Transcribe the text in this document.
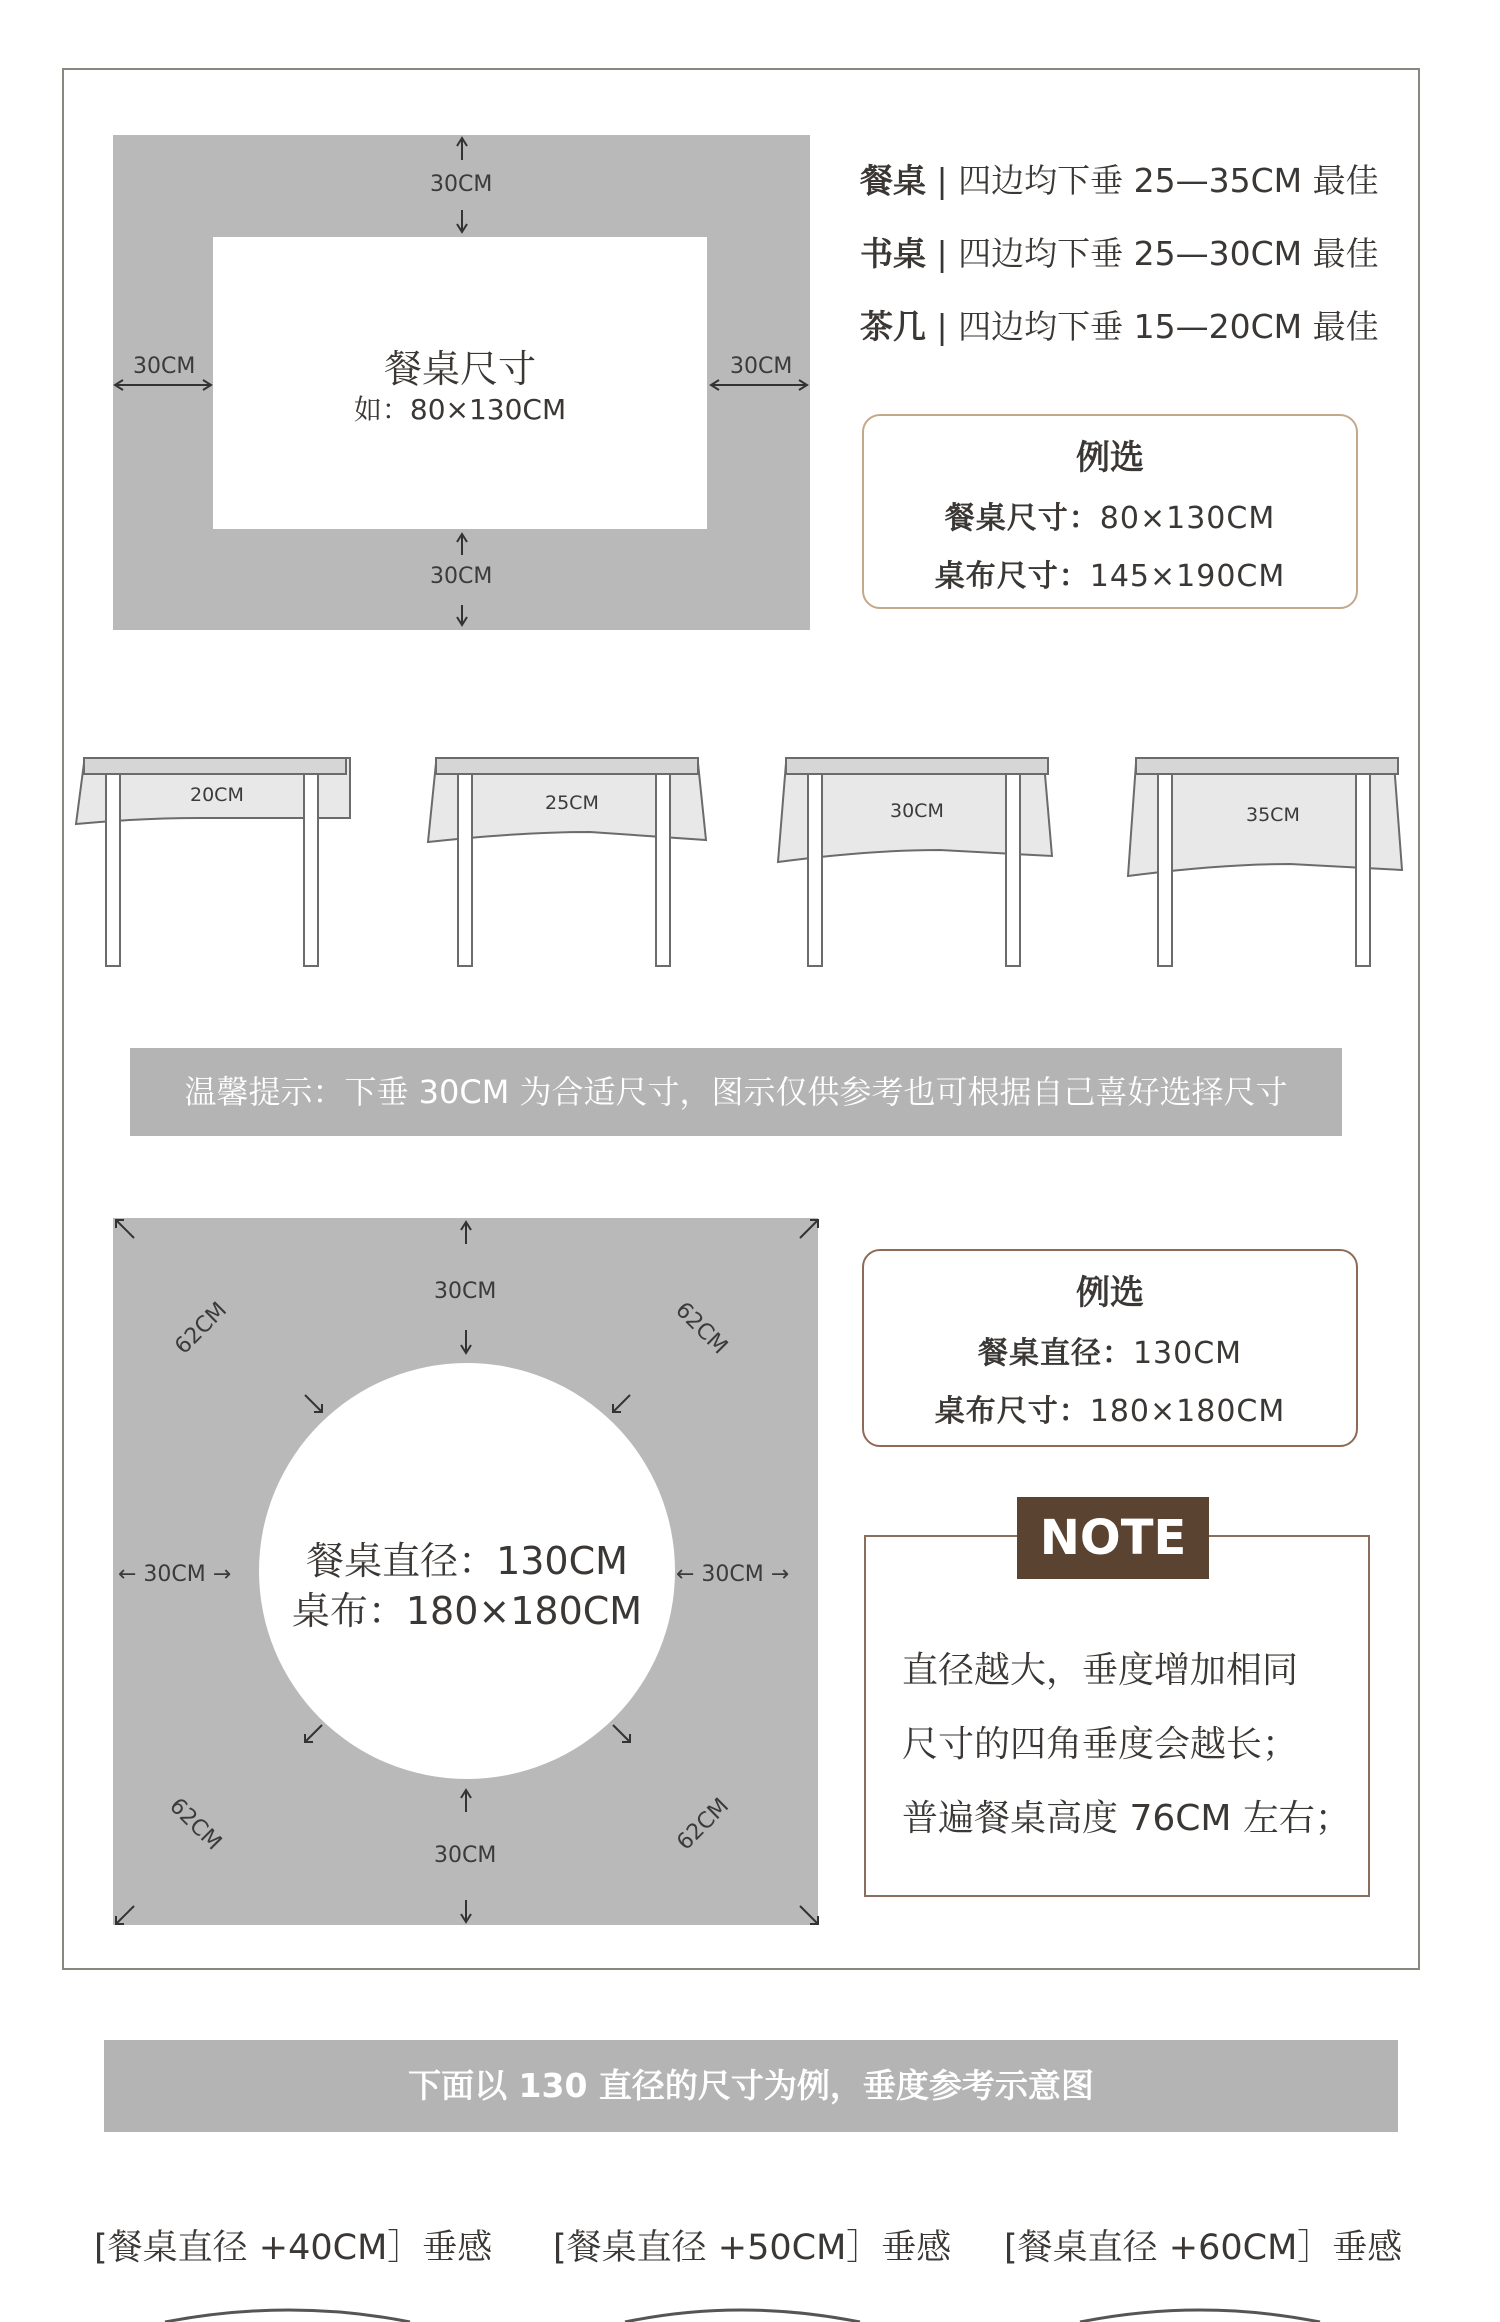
30CM
30CM
30CM	30CM
餐桌尺寸
如：80×130CM
餐桌 | 四边均下垂 25—35CM 最佳
书桌 | 四边均下垂 25—30CM 最佳
茶几 | 四边均下垂 15—20CM 最佳
例选
餐桌尺寸：80×130CM
桌布尺寸：145×190CM
20CM	25CM	30CM	35CM
温馨提示：下垂 30CM 为合适尺寸，图示仅供参考也可根据自己喜好选择尺寸
30CM
30CM
← 30CM →	← 30CM →
62CM	62CM
62CM	62CM
餐桌直径：130CM
桌布：180×180CM
例选
餐桌直径：130CM
桌布尺寸：180×180CM
NOTE
直径越大，垂度增加相同
尺寸的四角垂度会越长；
普遍餐桌高度 76CM 左右；
下面以 130 直径的尺寸为例，垂度参考示意图
[餐桌直径 +40CM］垂感 [餐桌直径 +50CM］垂感 [餐桌直径 +60CM］垂感
